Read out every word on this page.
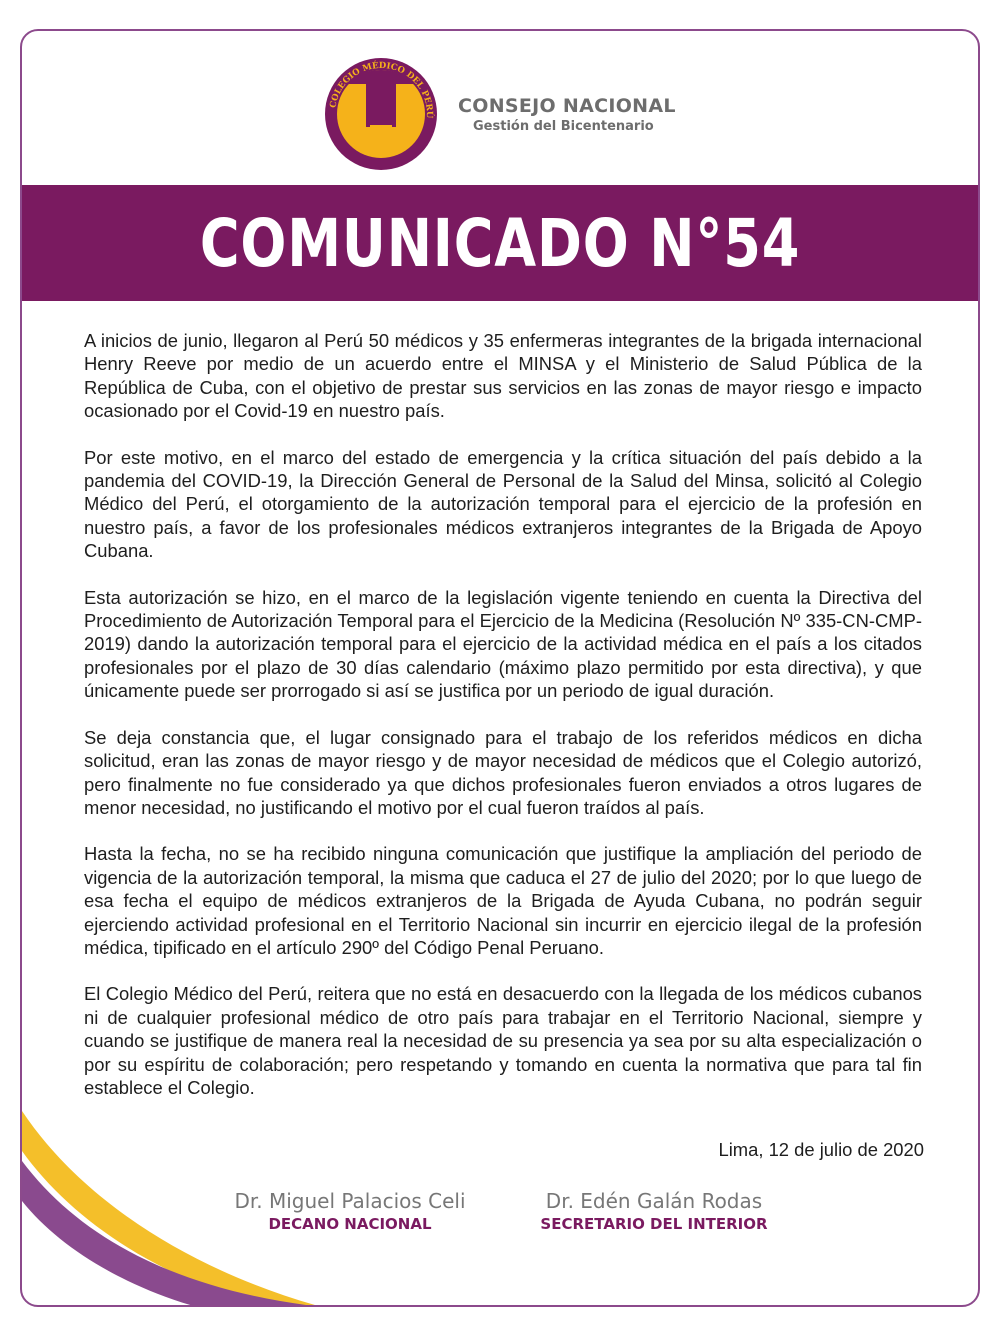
COLEGIO MÉDICO DEL PERÚ CONSEJO NACIONAL
Gestión del Bicentenario
COMUNICADO N°54

A inicios de junio, llegaron al Perú 50 médicos y 35 enfermeras integrantes de la brigada internacional Henry Reeve por medio de un acuerdo entre el MINSA y el Ministerio de Salud Pública de la República de Cuba, con el objetivo de prestar sus servicios en las zonas de mayor riesgo e impacto ocasionado por el Covid-19 en nuestro país.

Por este motivo, en el marco del estado de emergencia y la crítica situación del país debido a la pandemia del COVID-19, la Dirección General de Personal de la Salud del Minsa, solicitó al Colegio Médico del Perú, el otorgamiento de la autorización temporal para el ejercicio de la profesión en nuestro país, a favor de los profesionales médicos extranjeros integrantes de la Brigada de Apoyo Cubana.

Esta autorización se hizo, en el marco de la legislación vigente teniendo en cuenta la Directiva del Procedimiento de Autorización Temporal para el Ejercicio de la Medicina (Resolución Nº 335-CN-CMP-2019) dando la autorización temporal para el ejercicio de la actividad médica en el país a los citados profesionales por el plazo de 30 días calendario (máximo plazo permitido por esta directiva), y que únicamente puede ser prorrogado si así se justifica por un periodo de igual duración.

Se deja constancia que, el lugar consignado para el trabajo de los referidos médicos en dicha solicitud, eran las zonas de mayor riesgo y de mayor necesidad de médicos que el Colegio autorizó, pero finalmente no fue considerado ya que dichos profesionales fueron enviados a otros lugares de menor necesidad, no justificando el motivo por el cual fueron traídos al país.

Hasta la fecha, no se ha recibido ninguna comunicación que justifique la ampliación del periodo de vigencia de la autorización temporal, la misma que caduca el 27 de julio del 2020; por lo que luego de esa fecha el equipo de médicos extranjeros de la Brigada de Ayuda Cubana, no podrán seguir ejerciendo actividad profesional en el Territorio Nacional sin incurrir en ejercicio ilegal de la profesión médica, tipificado en el artículo 290º del Código Penal Peruano.

El Colegio Médico del Perú, reitera que no está en desacuerdo con la llegada de los médicos cubanos ni de cualquier profesional médico de otro país para trabajar en el Territorio Nacional, siempre y cuando se justifique de manera real la necesidad de su presencia ya sea por su alta especialización o por su espíritu de colaboración; pero respetando y tomando en cuenta la normativa que para tal fin establece el Colegio.

Lima, 12 de julio de 2020
Dr. Miguel Palacios Celi
DECANO NACIONAL
Dr. Edén Galán Rodas
SECRETARIO DEL INTERIOR
